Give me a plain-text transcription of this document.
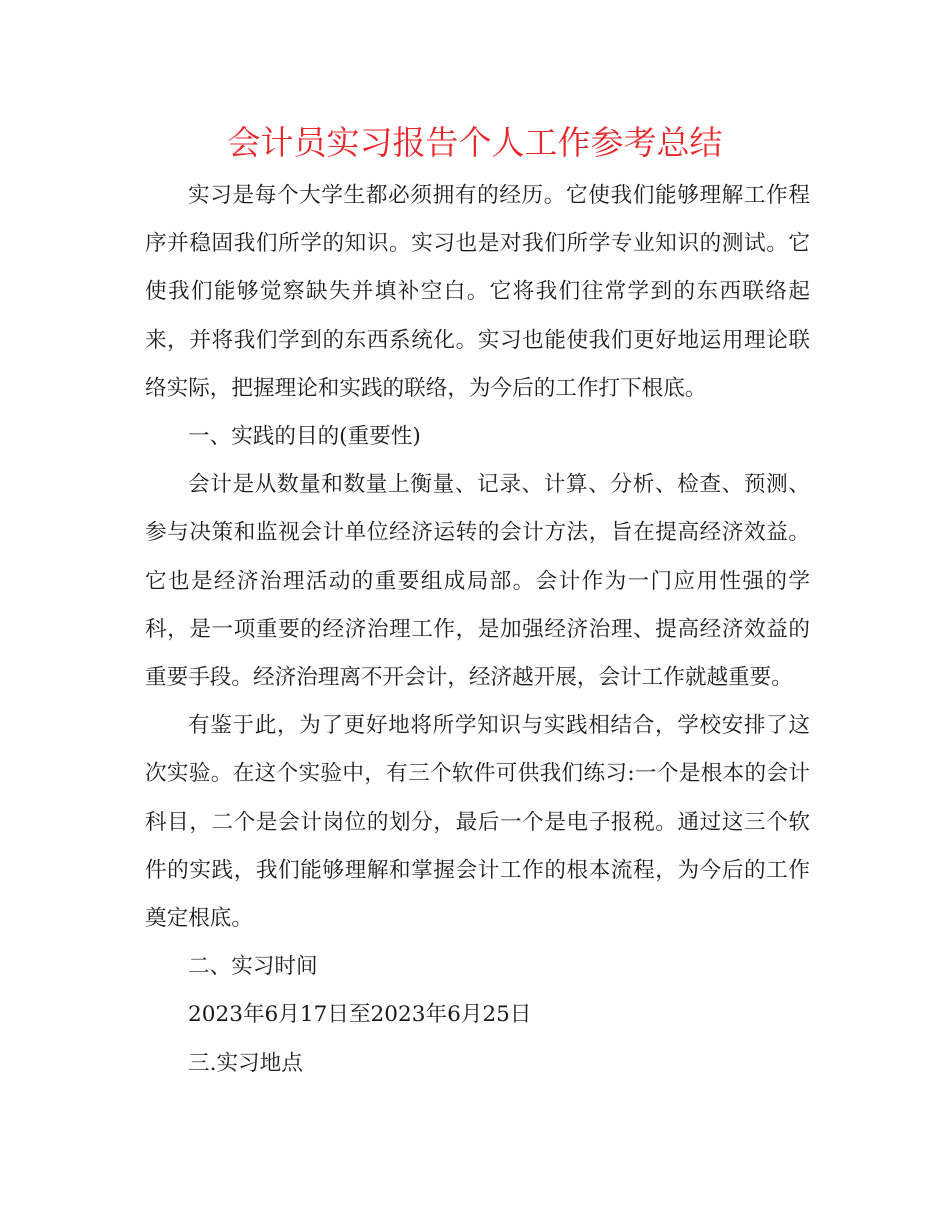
会计员实习报告个人工作参考总结

实习是每个大学生都必须拥有的经历。它使我们能够理解工作程序并稳固我们所学的知识。实习也是对我们所学专业知识的测试。它使我们能够觉察缺失并填补空白。它将我们往常学到的东西联络起来，并将我们学到的东西系统化。实习也能使我们更好地运用理论联络实际，把握理论和实践的联络，为今后的工作打下根底。

一、实践的目的(重要性)

会计是从数量和数量上衡量、记录、计算、分析、检查、预测、参与决策和监视会计单位经济运转的会计方法，旨在提高经济效益。它也是经济治理活动的重要组成局部。会计作为一门应用性强的学科，是一项重要的经济治理工作，是加强经济治理、提高经济效益的重要手段。经济治理离不开会计，经济越开展，会计工作就越重要。

有鉴于此，为了更好地将所学知识与实践相结合，学校安排了这次实验。在这个实验中，有三个软件可供我们练习:一个是根本的会计科目，二个是会计岗位的划分，最后一个是电子报税。通过这三个软件的实践，我们能够理解和掌握会计工作的根本流程，为今后的工作奠定根底。

二、实习时间

2023年6月17日至2023年6月25日

三.实习地点
